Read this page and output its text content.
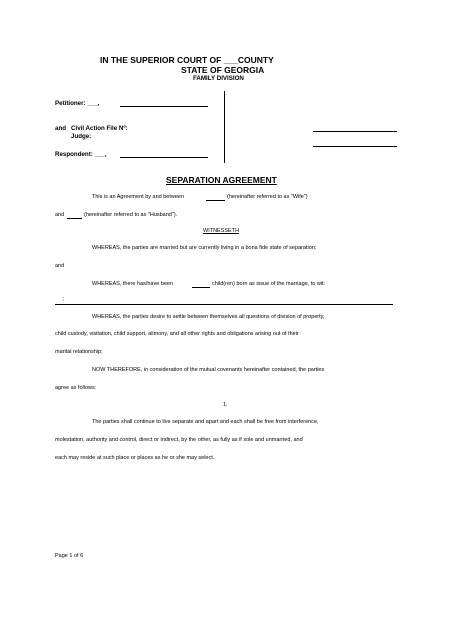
IN THE SUPERIOR COURT OF ___COUNTY
STATE OF GEORGIA
FAMILY DIVISION
Petitioner: ___,
and Civil Action File Nº:
Judge:
Respondent: ___,
SEPARATION AGREEMENT
This is an Agreement by and between	(hereinafter referred to as "Wife")
and	(hereinafter referred to as "Husband").
WITNESSETH
WHEREAS, the parties are married but are currently living in a bona fide state of separation;
and
WHEREAS, there has/have been	child(ren) born as issue of the marriage, to wit:
;
WHEREAS, the parties desire to settle between themselves all questions of division of property,
child custody, visitation, child support, alimony, and all other rights and obligations arising out of their
marital relationship;
NOW THEREFORE, in consideration of the mutual covenants hereinafter contained, the parties
agree as follows:
1.
The parties shall continue to live separate and apart and each shall be free from interference,
molestation, authority and control, direct or indirect, by the other, as fully as if sole and unmarried, and
each may reside at such place or places as he or she may select.
Page 1 of 6
